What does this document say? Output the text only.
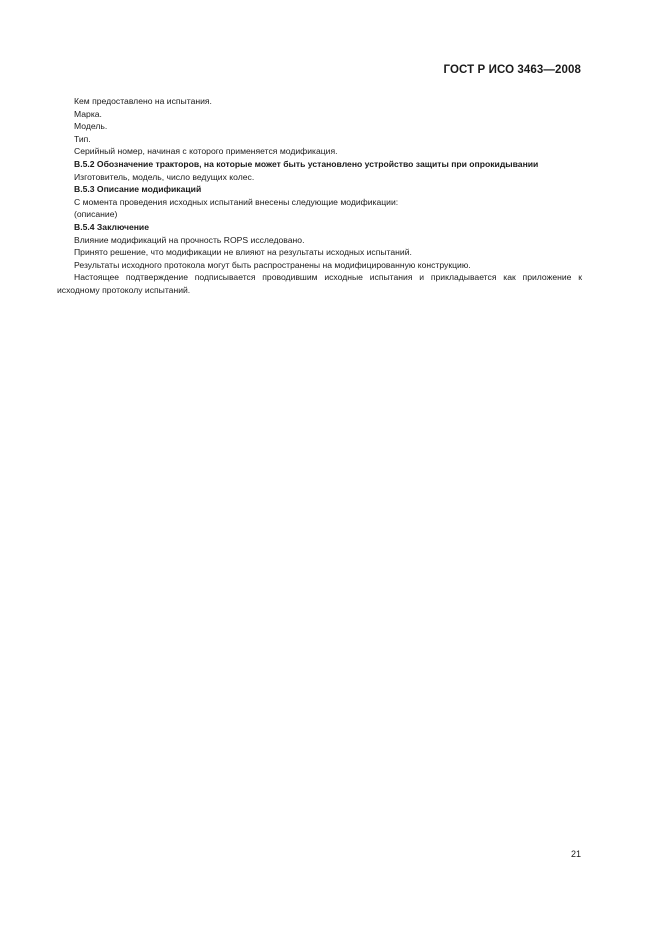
ГОСТ Р ИСО 3463—2008
Кем предоставлено на испытания.
Марка.
Модель.
Тип.
Серийный номер, начиная с которого применяется модификация.
В.5.2 Обозначение тракторов, на которые может быть установлено устройство защиты при опрокидывании
Изготовитель, модель, число ведущих колес.
В.5.3 Описание модификаций
С момента проведения исходных испытаний внесены следующие модификации:
(описание)
В.5.4 Заключение
Влияние модификаций на прочность ROPS исследовано.
Принято решение, что модификации не влияют на результаты исходных испытаний.
Результаты исходного протокола могут быть распространены на модифицированную конструкцию.
Настоящее подтверждение подписывается проводившим исходные испытания и прикладывается как приложение к исходному протоколу испытаний.
21
